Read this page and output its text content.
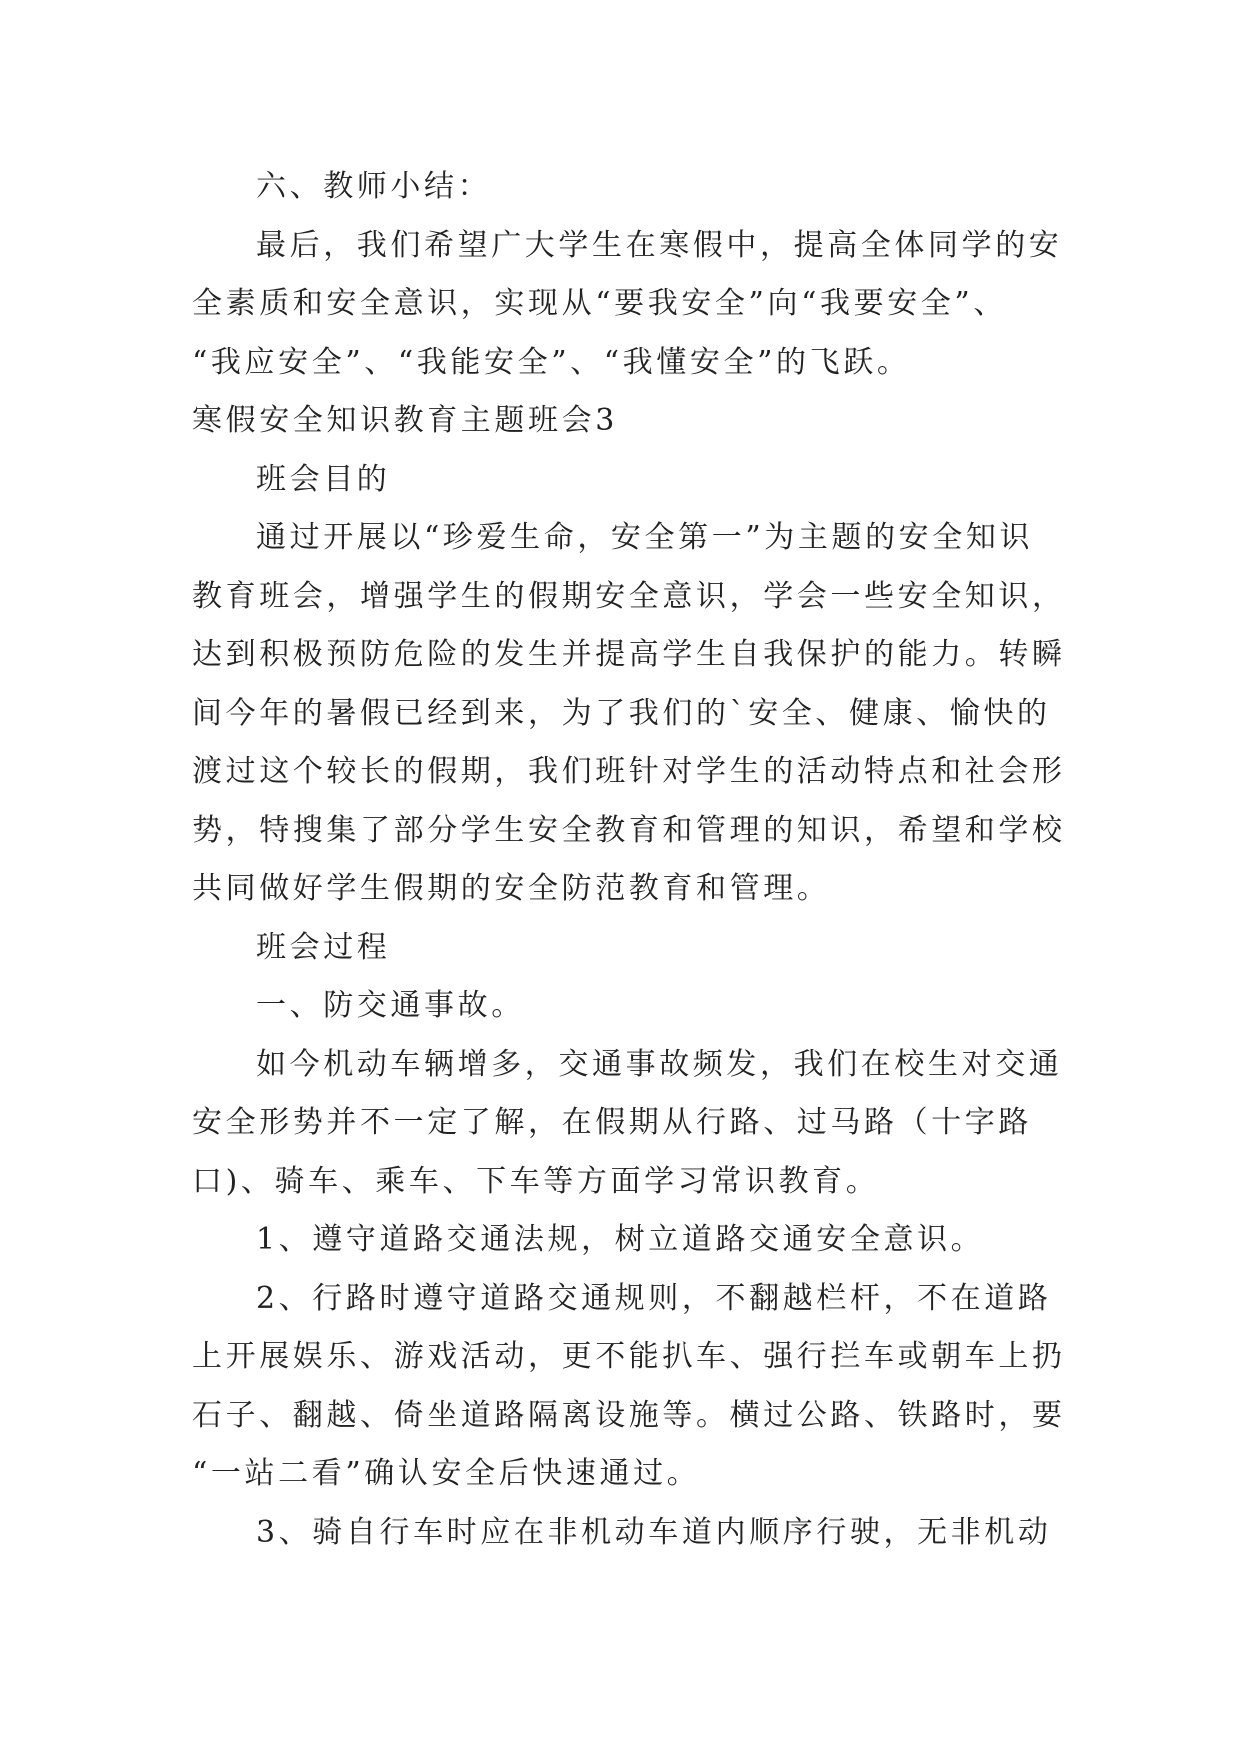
六、教师小结：

最后，我们希望广大学生在寒假中，提高全体同学的安

全素质和安全意识，实现从“要我安全”向“我要安全”、

“我应安全”、“我能安全”、“我懂安全”的飞跃。

寒假安全知识教育主题班会3

班会目的

通过开展以“珍爱生命，安全第一”为主题的安全知识

教育班会，增强学生的假期安全意识，学会一些安全知识，

达到积极预防危险的发生并提高学生自我保护的能力。转瞬

间今年的暑假已经到来，为了我们的`安全、健康、愉快的

渡过这个较长的假期，我们班针对学生的活动特点和社会形

势，特搜集了部分学生安全教育和管理的知识，希望和学校

共同做好学生假期的安全防范教育和管理。

班会过程

一、防交通事故。

如今机动车辆增多，交通事故频发，我们在校生对交通

安全形势并不一定了解，在假期从行路、过马路（十字路

口)、骑车、乘车、下车等方面学习常识教育。

1、遵守道路交通法规，树立道路交通安全意识。

2、行路时遵守道路交通规则，不翻越栏杆，不在道路

上开展娱乐、游戏活动，更不能扒车、强行拦车或朝车上扔

石子、翻越、倚坐道路隔离设施等。横过公路、铁路时，要

“一站二看”确认安全后快速通过。

3、骑自行车时应在非机动车道内顺序行驶，无非机动
